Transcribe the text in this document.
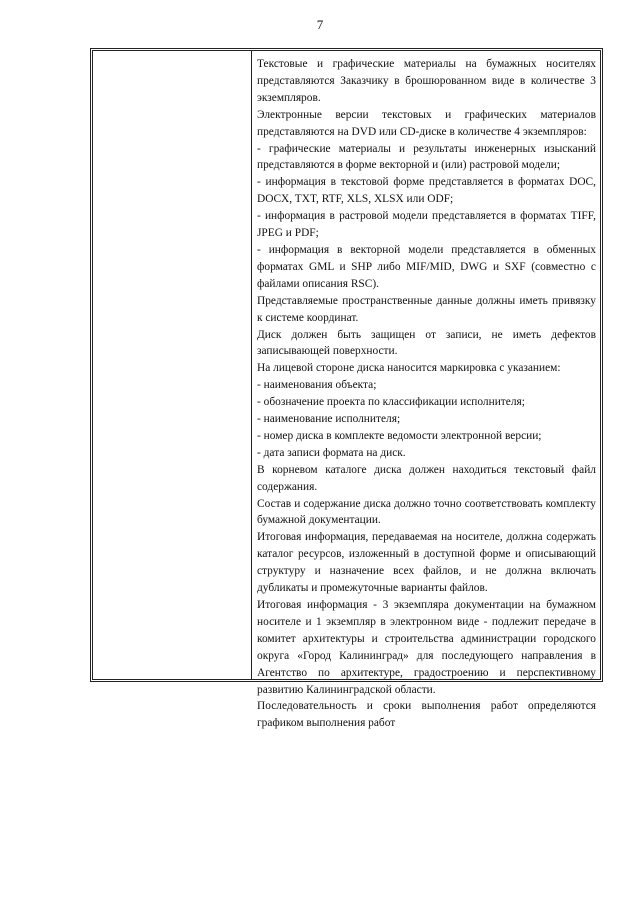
7

Текстовые и графические материалы на бумажных носителях представляются Заказчику в брошюрованном виде в количестве 3 экземпляров.

Электронные версии текстовых и графических материалов представляются на DVD или CD-диске в количестве 4 экземпляров:

- графические материалы и результаты инженерных изысканий представляются в форме векторной и (или) растровой модели;

- информация в текстовой форме представляется в форматах DOC, DOCX, TXT, RTF, XLS, XLSX или ODF;

- информация в растровой модели представляется в форматах TIFF, JPEG и PDF;

- информация в векторной модели представляется в обменных форматах GML и SHP либо MIF/MID, DWG и SXF (совместно с файлами описания RSC).

Представляемые пространственные данные должны иметь привязку к системе координат.

Диск должен быть защищен от записи, не иметь дефектов записывающей поверхности.

На лицевой стороне диска наносится маркировка с указанием:

- наименования объекта;

- обозначение проекта по классификации исполнителя;

- наименование исполнителя;

- номер диска в комплекте ведомости электронной версии;

- дата записи формата на диск.

В корневом каталоге диска должен находиться текстовый файл содержания.

Состав и содержание диска должно точно соответствовать комплекту бумажной документации.

Итоговая информация, передаваемая на носителе, должна содержать каталог ресурсов, изложенный в доступной форме и описывающий структуру и назначение всех файлов, и не должна включать дубликаты и промежуточные варианты файлов.

Итоговая информация - 3 экземпляра документации на бумажном носителе и 1 экземпляр в электронном виде - подлежит передаче в комитет архитектуры и строительства администрации городского округа «Город Калининград» для последующего направления в Агентство по архитектуре, градостроению и перспективному развитию Калининградской области.

Последовательность и сроки выполнения работ определяются графиком выполнения работ
